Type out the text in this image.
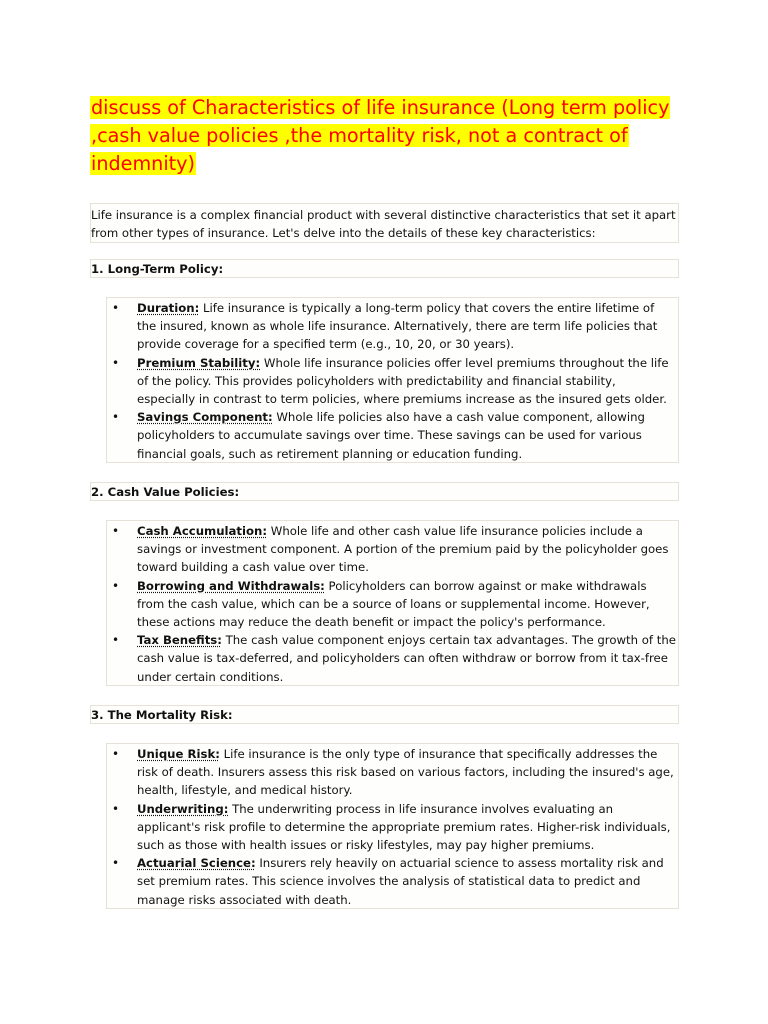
discuss of Characteristics of life insurance (Long term policy ,cash value policies ,the mortality risk, not a contract of indemnity)
Life insurance is a complex financial product with several distinctive characteristics that set it apart from other types of insurance. Let's delve into the details of these key characteristics:
1. Long-Term Policy:
• Duration: Life insurance is typically a long-term policy that covers the entire lifetime of the insured, known as whole life insurance. Alternatively, there are term life policies that provide coverage for a specified term (e.g., 10, 20, or 30 years).
• Premium Stability: Whole life insurance policies offer level premiums throughout the life of the policy. This provides policyholders with predictability and financial stability, especially in contrast to term policies, where premiums increase as the insured gets older.
• Savings Component: Whole life policies also have a cash value component, allowing policyholders to accumulate savings over time. These savings can be used for various financial goals, such as retirement planning or education funding.
2. Cash Value Policies:
• Cash Accumulation: Whole life and other cash value life insurance policies include a savings or investment component. A portion of the premium paid by the policyholder goes toward building a cash value over time.
• Borrowing and Withdrawals: Policyholders can borrow against or make withdrawals from the cash value, which can be a source of loans or supplemental income. However, these actions may reduce the death benefit or impact the policy's performance.
• Tax Benefits: The cash value component enjoys certain tax advantages. The growth of the cash value is tax-deferred, and policyholders can often withdraw or borrow from it tax-free under certain conditions.
3. The Mortality Risk:
• Unique Risk: Life insurance is the only type of insurance that specifically addresses the risk of death. Insurers assess this risk based on various factors, including the insured's age, health, lifestyle, and medical history.
• Underwriting: The underwriting process in life insurance involves evaluating an applicant's risk profile to determine the appropriate premium rates. Higher-risk individuals, such as those with health issues or risky lifestyles, may pay higher premiums.
• Actuarial Science: Insurers rely heavily on actuarial science to assess mortality risk and set premium rates. This science involves the analysis of statistical data to predict and manage risks associated with death.
